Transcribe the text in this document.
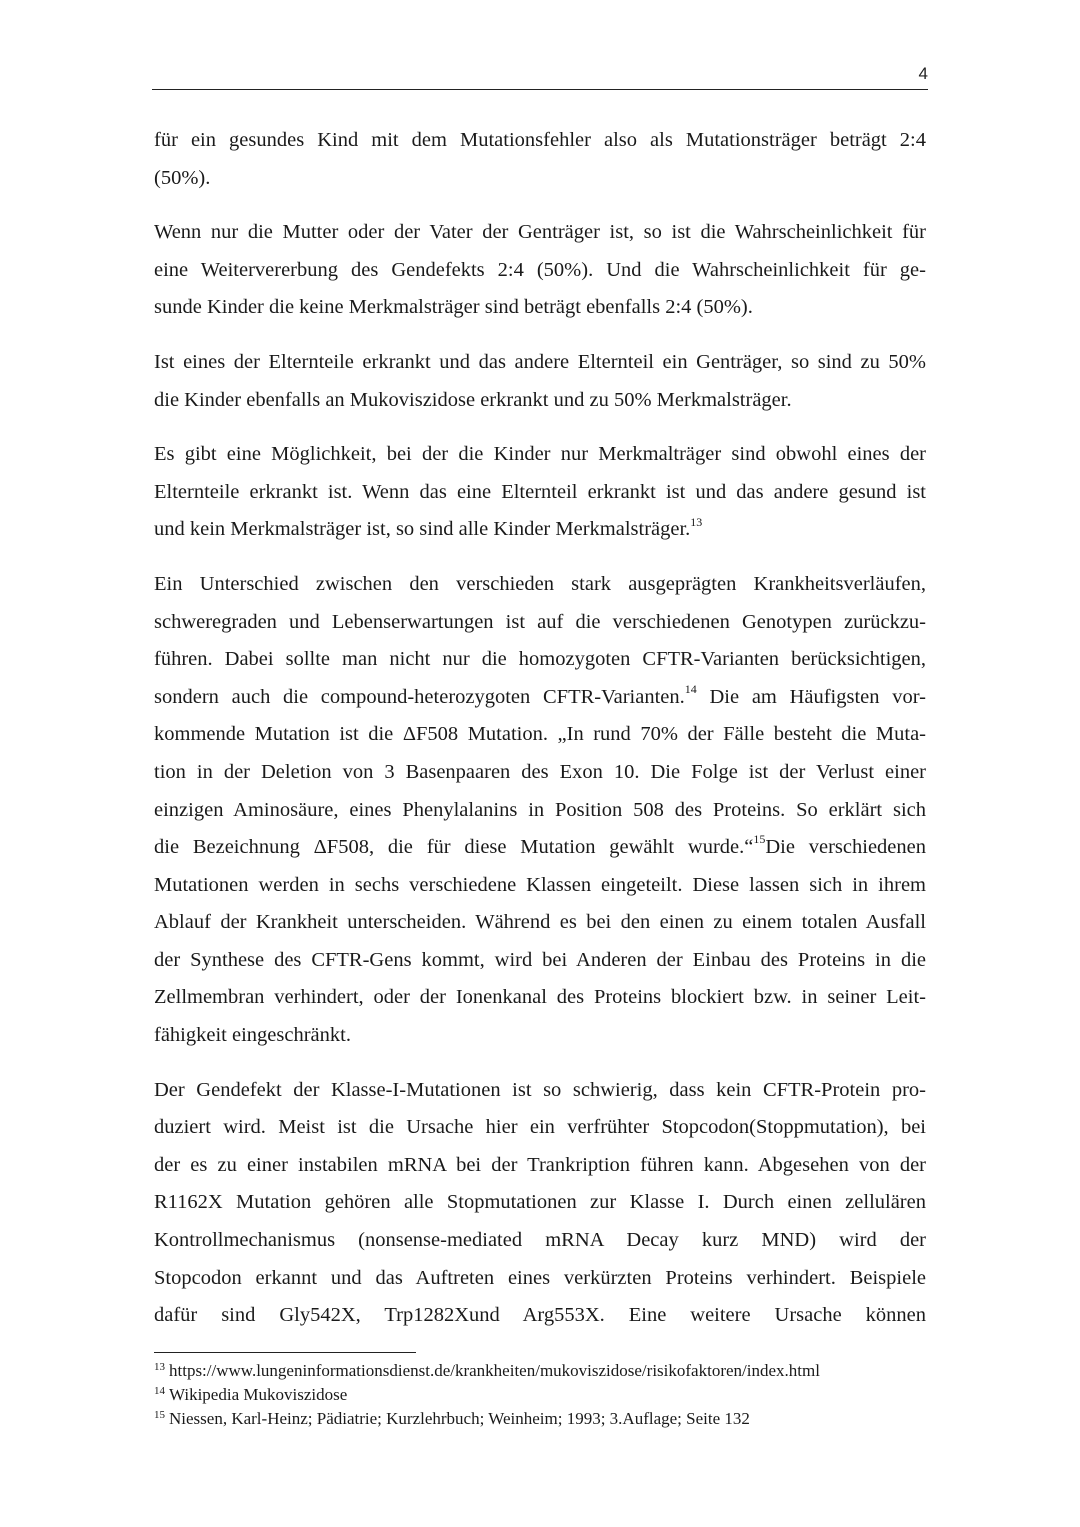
4
für ein gesundes Kind mit dem Mutationsfehler also als Mutationsträger beträgt 2:4
(50%).
Wenn nur die Mutter oder der Vater der Genträger ist, so ist die Wahrscheinlichkeit für
eine Weitervererbung des Gendefekts 2:4 (50%). Und die Wahrscheinlichkeit für ge-
sunde Kinder die keine Merkmalsträger sind beträgt ebenfalls 2:4 (50%).
Ist eines der Elternteile erkrankt und das andere Elternteil ein Genträger, so sind zu 50%
die Kinder ebenfalls an Mukoviszidose erkrankt und zu 50% Merkmalsträger.
Es gibt eine Möglichkeit, bei der die Kinder nur Merkmalträger sind obwohl eines der
Elternteile erkrankt ist. Wenn das eine Elternteil erkrankt ist und das andere gesund ist
und kein Merkmalsträger ist, so sind alle Kinder Merkmalsträger.$^{13}$
Ein Unterschied zwischen den verschieden stark ausgeprägten Krankheitsverläufen,
schweregraden und Lebenserwartungen ist auf die verschiedenen Genotypen zurückzu-
führen. Dabei sollte man nicht nur die homozygoten CFTR-Varianten berücksichtigen,
sondern auch die compound-heterozygoten CFTR-Varianten.$^{14}$ Die am Häufigsten vor-
kommende Mutation ist die ΔF508 Mutation. „In rund 70% der Fälle besteht die Muta-
tion in der Deletion von 3 Basenpaaren des Exon 10. Die Folge ist der Verlust einer
einzigen Aminosäure, eines Phenylalanins in Position 508 des Proteins. So erklärt sich
die Bezeichnung ΔF508, die für diese Mutation gewählt wurde.“$^{15}$Die verschiedenen
Mutationen werden in sechs verschiedene Klassen eingeteilt. Diese lassen sich in ihrem
Ablauf der Krankheit unterscheiden. Während es bei den einen zu einem totalen Ausfall
der Synthese des CFTR-Gens kommt, wird bei Anderen der Einbau des Proteins in die
Zellmembran verhindert, oder der Ionenkanal des Proteins blockiert bzw. in seiner Leit-
fähigkeit eingeschränkt.
Der Gendefekt der Klasse-I-Mutationen ist so schwierig, dass kein CFTR-Protein pro-
duziert wird. Meist ist die Ursache hier ein verfrühter Stopcodon(Stoppmutation), bei
der es zu einer instabilen mRNA bei der Trankription führen kann. Abgesehen von der
R1162X Mutation gehören alle Stopmutationen zur Klasse I. Durch einen zellulären
Kontrollmechanismus (nonsense-mediated mRNA Decay kurz MND) wird der
Stopcodon erkannt und das Auftreten eines verkürzten Proteins verhindert. Beispiele
dafür sind Gly542X, Trp1282Xund Arg553X. Eine weitere Ursache können
$^{13}$ https://www.lungeninformationsdienst.de/krankheiten/mukoviszidose/risikofaktoren/index.html
$^{14}$ Wikipedia Mukoviszidose
$^{15}$ Niessen, Karl-Heinz; Pädiatrie; Kurzlehrbuch; Weinheim; 1993; 3.Auflage; Seite 132
